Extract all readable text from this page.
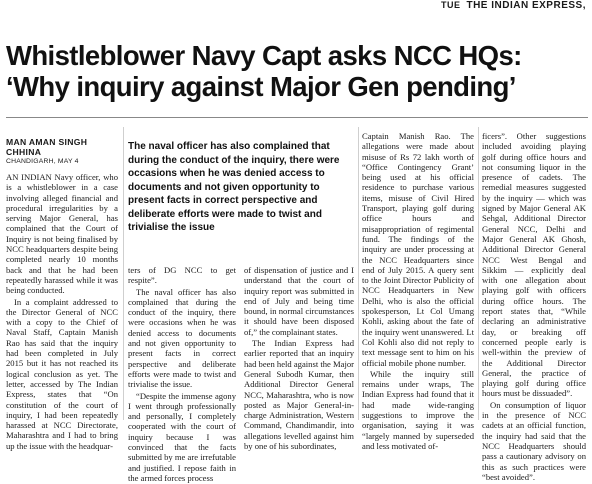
TUE THE INDIAN EXPRESS,
Whistleblower Navy Capt asks NCC HQs:
‘Why inquiry against Major Gen pending’
MAN AMAN SINGH CHHINA
CHANDIGARH, MAY 4

The naval officer has also complained that during the conduct of the inquiry, there were occasions when he was denied access to documents and not given opportunity to present facts in correct perspective and deliberate efforts were made to twist and trivialise the issue

AN INDIAN Navy officer, who is a whistleblower in a case involving alleged financial and procedural irregularities by a serving Major General, has complained that the Court of Inquiry is not being finalised by NCC headquarters despite being completed nearly 10 months back and that he had been repeatedly harassed while it was being conducted.

In a complaint addressed to the Director General of NCC with a copy to the Chief of Naval Staff, Captain Manish Rao has said that the inquiry had been completed in July 2015 but it has not reached its logical conclusion as yet. The letter, accessed by The Indian Express, states that “On constitution of the court of inquiry, I had been repeatedly harassed at NCC Directorate, Maharashtra and I had to bring up the issue with the headquar-

ters of DG NCC to get respite”.

The naval officer has also complained that during the conduct of the inquiry, there were occasions when he was denied access to documents and not given opportunity to present facts in correct perspective and deliberate efforts were made to twist and trivialise the issue.

“Despite the immense agony I went through professionally and personally, I completely cooperated with the court of inquiry because I was convinced that the facts submitted by me are irrefutable and justified. I repose faith in the armed forces process

of dispensation of justice and I understand that the court of inquiry report was submitted in end of July and being time bound, in normal circumstances it should have been disposed of,” the complainant states.

The Indian Express had earlier reported that an inquiry had been held against the Major General Subodh Kumar, then Additional Director General NCC, Maharashtra, who is now posted as Major General-in-charge Administration, Western Command, Chandimandir, into allegations levelled against him by one of his subordinates,

Captain Manish Rao. The allegations were made about misuse of Rs 72 lakh worth of “Office Contingency Grant’ being used at his official residence to purchase various items, misuse of Civil Hired Transport, playing golf during office hours and misappropriation of regimental fund. The findings of the inquiry are under processing at the NCC Headquarters since end of July 2015. A query sent to the Joint Director Publicity of NCC Headquarters in New Delhi, who is also the official spokesperson, Lt Col Umang Kohli, asking about the fate of the inquiry went unanswered. Lt Col Kohli also did not reply to text message sent to him on his official mobile phone number.

While the inquiry still remains under wraps, The Indian Express had found that it had made wide-ranging suggestions to improve the organisation, saying it was “largely manned by superseded and less motivated of-

ficers”. Other suggestions included avoiding playing golf during office hours and not consuming liquor in the presence of cadets. The remedial measures suggested by the inquiry — which was signed by Major General AK Sehgal, Additional Director General NCC, Delhi and Major General AK Ghosh, Additional Director General NCC West Bengal and Sikkim — explicitly deal with one allegation about playing golf with officers during office hours. The report states that, “While declaring an administrative day, or breaking off concerned people early is well-within the preview of the Additional Director General, the practice of playing golf during office hours must be dissuaded”.

On consumption of liquor in the presence of NCC cadets at an official function, the inquiry had said that the NCC Headquarters should pass a cautionary advisory on this as such practices were “best avoided”.
